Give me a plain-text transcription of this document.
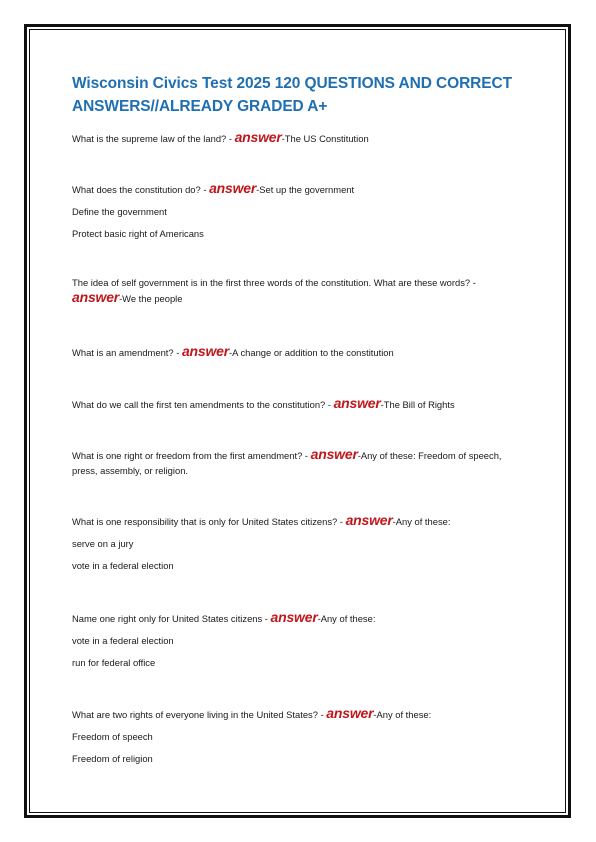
Wisconsin Civics Test 2025 120 QUESTIONS AND CORRECT ANSWERS//ALREADY GRADED A+

What is the supreme law of the land? - answer-The US Constitution

What does the constitution do? - answer-Set up the government

Define the government

Protect basic right of Americans

The idea of self government is in the first three words of the constitution. What are these words? - answer-We the people

What is an amendment? - answer-A change or addition to the constitution

What do we call the first ten amendments to the constitution? - answer-The Bill of Rights

What is one right or freedom from the first amendment? - answer-Any of these: Freedom of speech, press, assembly, or religion.

What is one responsibility that is only for United States citizens? - answer-Any of these:

serve on a jury

vote in a federal election

Name one right only for United States citizens - answer-Any of these:

vote in a federal election

run for federal office

What are two rights of everyone living in the United States? - answer-Any of these:

Freedom of speech

Freedom of religion
